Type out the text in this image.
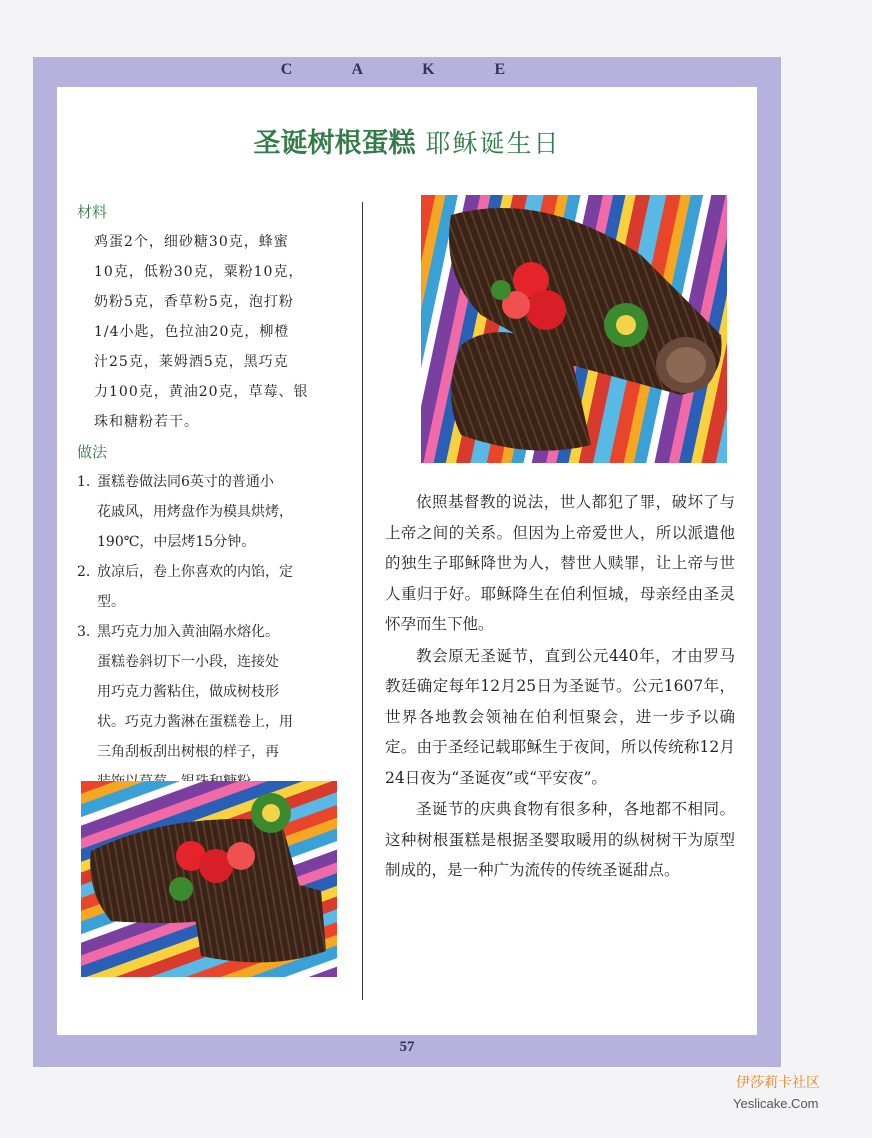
C A K E
圣诞树根蛋糕 耶稣诞生日
材料
鸡蛋2个，细砂糖30克，蜂蜜
10克，低粉30克，粟粉10克，
奶粉5克，香草粉5克，泡打粉
1/4小匙，色拉油20克，柳橙
汁25克，莱姆酒5克，黑巧克
力100克，黄油20克，草莓、银
珠和糖粉若干。
做法
1. 蛋糕卷做法同6英寸的普通小
花戚风，用烤盘作为模具烘烤，
190℃，中层烤15分钟。
2. 放凉后，卷上你喜欢的内馅，定
型。
3. 黑巧克力加入黄油隔水熔化。
蛋糕卷斜切下一小段，连接处
用巧克力酱粘住，做成树枝形
状。巧克力酱淋在蛋糕卷上，用
三角刮板刮出树根的样子，再

依照基督教的说法，世人都犯了罪，破坏了与上帝之间的关系。但因为上帝爱世人，所以派遣他的独生子耶稣降世为人，替世人赎罪，让上帝与世人重归于好。耶稣降生在伯利恒城，母亲经由圣灵怀孕而生下他。

教会原无圣诞节，直到公元440年，才由罗马教廷确定每年12月25日为圣诞节。公元1607年，世界各地教会领袖在伯利恒聚会，进一步予以确定。由于圣经记载耶稣生于夜间，所以传统称12月24日夜为“圣诞夜”或“平安夜”。

圣诞节的庆典食物有很多种，各地都不相同。这种树根蛋糕是根据圣婴取暖用的纵树树干为原型制成的，是一种广为流传的传统圣诞甜点。

57
伊莎莉卡社区
Yeslicake.Com
